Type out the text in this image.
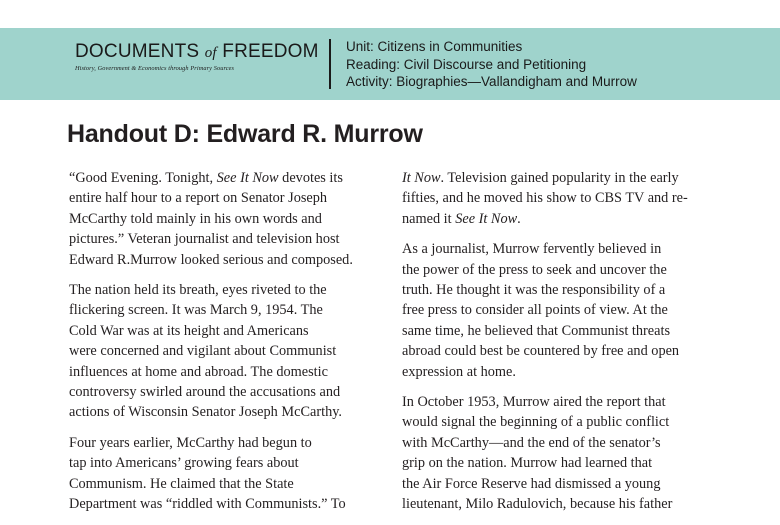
DOCUMENTS of FREEDOM
History, Government & Economics through Primary Sources
Unit: Citizens in Communities
Reading: Civil Discourse and Petitioning
Activity: Biographies—Vallandigham and Murrow
Handout D: Edward R. Murrow

“Good Evening. Tonight, See It Now devotes its
entire half hour to a report on Senator Joseph
McCarthy told mainly in his own words and
pictures.” Veteran journalist and television host
Edward R.Murrow looked serious and composed.

The nation held its breath, eyes riveted to the
flickering screen. It was March 9, 1954. The
Cold War was at its height and Americans
were concerned and vigilant about Communist
influences at home and abroad. The domestic
controversy swirled around the accusations and
actions of Wisconsin Senator Joseph McCarthy.

Four years earlier, McCarthy had begun to
tap into Americans’ growing fears about
Communism. He claimed that the State
Department was “riddled with Communists.” To

It Now. Television gained popularity in the early
fifties, and he moved his show to CBS TV and re-
named it See It Now.

As a journalist, Murrow fervently believed in
the power of the press to seek and uncover the
truth. He thought it was the responsibility of a
free press to consider all points of view. At the
same time, he believed that Communist threats
abroad could best be countered by free and open
expression at home.

In October 1953, Murrow aired the report that
would signal the beginning of a public conflict
with McCarthy—and the end of the senator’s
grip on the nation. Murrow had learned that
the Air Force Reserve had dismissed a young
lieutenant, Milo Radulovich, because his father
